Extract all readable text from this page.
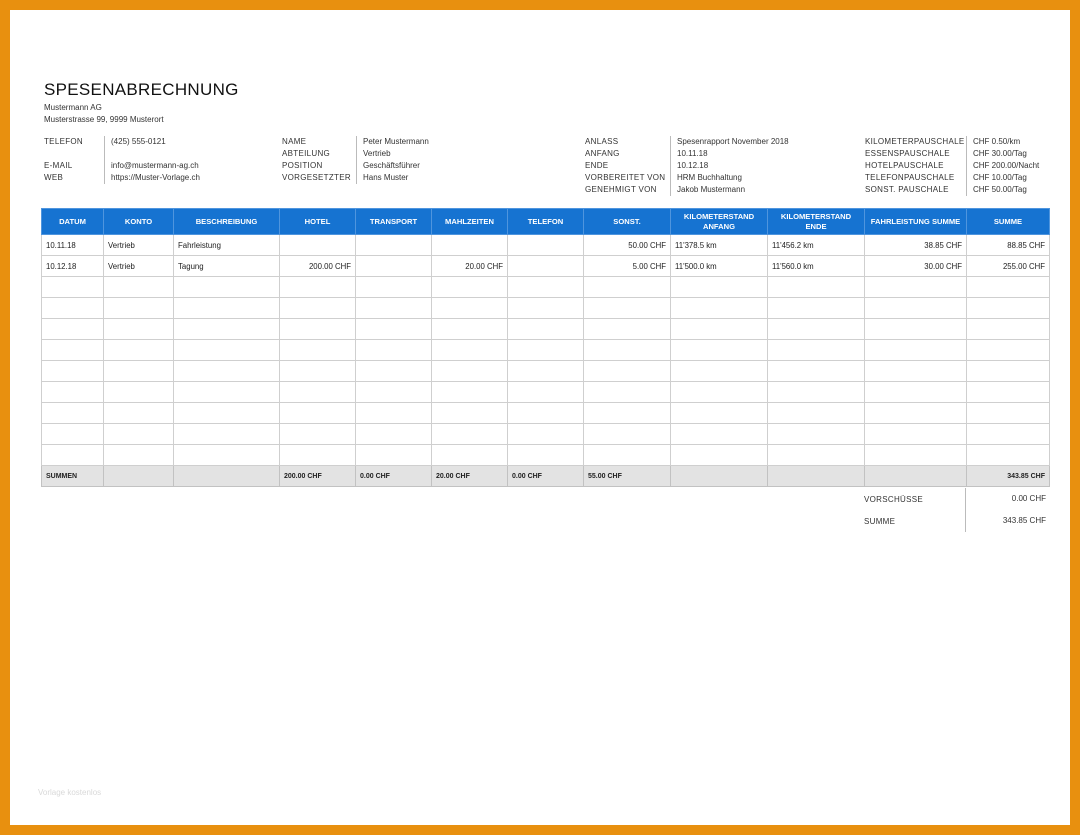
SPESENABRECHNUNG
Mustermann AG
Musterstrasse 99, 9999 Musterort
TELEFON	(425) 555-0121
E-MAIL	info@mustermann-ag.ch
WEB	https://Muster-Vorlage.ch
NAME	Peter Mustermann
ABTEILUNG	Vertrieb
POSITION	Geschäftsführer
VORGESETZTER	Hans Muster
ANLASS	Spesenrapport November 2018
ANFANG	10.11.18
ENDE	10.12.18
VORBEREITET VON	HRM Buchhaltung
GENEHMIGT VON	Jakob Mustermann
KILOMETERPAUSCHALE	CHF 0.50/km
ESSENSPAUSCHALE	CHF 30.00/Tag
HOTELPAUSCHALE	CHF 200.00/Nacht
TELEFONPAUSCHALE	CHF 10.00/Tag
SONST. PAUSCHALE	CHF 50.00/Tag
DATUM	KONTO	BESCHREIBUNG	HOTEL	TRANSPORT	MAHLZEITEN	TELEFON	SONST.	KILOMETERSTAND ANFANG	KILOMETERSTAND ENDE	FAHRLEISTUNG SUMME	SUMME
10.11.18	Vertrieb	Fahrleistung					50.00 CHF	11'378.5 km	11'456.2 km	38.85 CHF	88.85 CHF
10.12.18	Vertrieb	Tagung	200.00 CHF		20.00 CHF		5.00 CHF	11'500.0 km	11'560.0 km	30.00 CHF	255.00 CHF

SUMMEN			200.00 CHF	0.00 CHF	20.00 CHF	0.00 CHF	55.00 CHF				343.85 CHF
VORSCHÜSSE	0.00 CHF
SUMME	343.85 CHF
Vorlage kostenlos
